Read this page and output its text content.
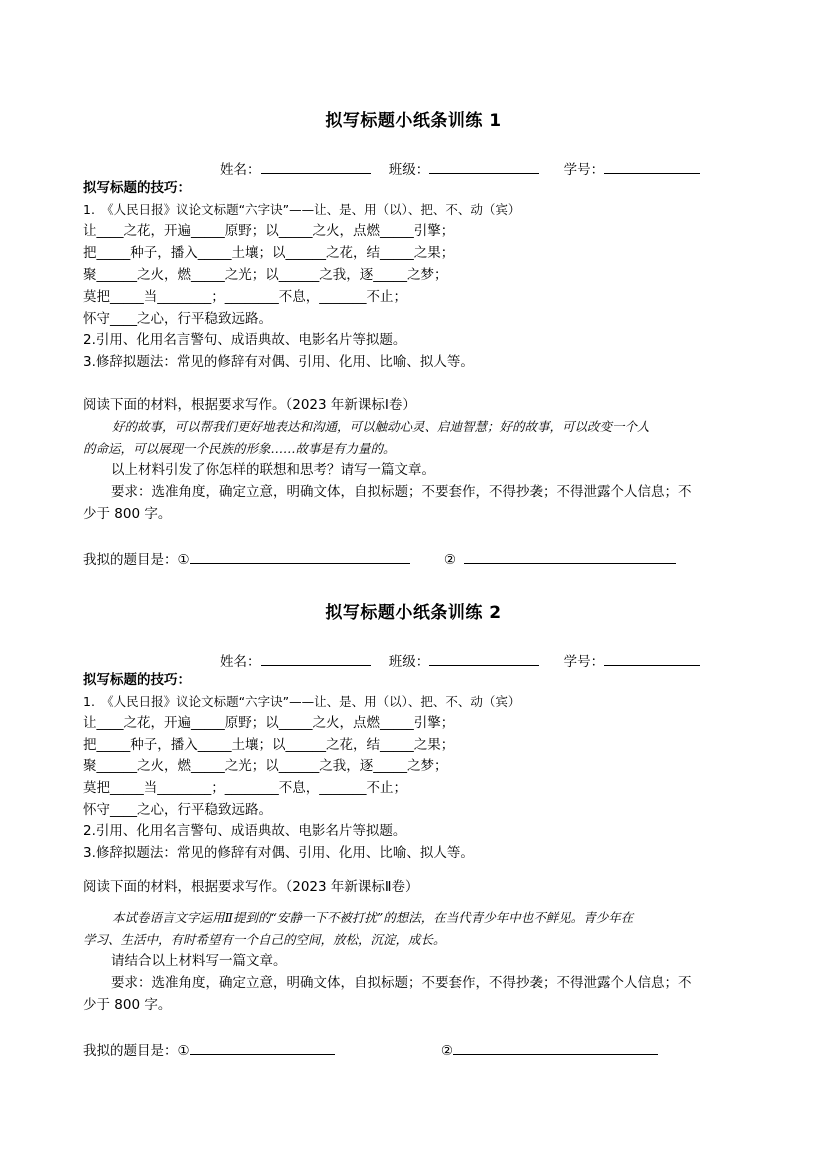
拟写标题小纸条训练 1
姓名：	班级：	学号：
拟写标题的技巧：
1.　《人民日报》议论文标题“六字诀”——让、是、用（以）、把、不、动（宾）
让____之花，开遍_____原野；以_____之火，点燃_____引擎；
把_____种子，播入_____土壤；以______之花，结_____之果；
聚______之火，燃_____之光；以______之我，逐_____之梦；
莫把_____当________；________不息，_______不止；
怀守____之心，行平稳致远路。
2.引用、化用名言警句、成语典故、电影名片等拟题。
3.修辞拟题法：常见的修辞有对偶、引用、化用、比喻、拟人等。
阅读下面的材料，根据要求写作。（2023 年新课标Ⅰ卷）
好的故事，可以帮我们更好地表达和沟通，可以触动心灵、启迪智慧；好的故事，可以改变一个人
的命运，可以展现一个民族的形象……故事是有力量的。
以上材料引发了你怎样的联想和思考？请写一篇文章。
要求：选准角度，确定立意，明确文体，自拟标题；不要套作，不得抄袭；不得泄露个人信息；不
少于 800 字。
我拟的题目是：①	②
拟写标题小纸条训练 2
姓名：	班级：	学号：
拟写标题的技巧：
1.　《人民日报》议论文标题“六字诀”——让、是、用（以）、把、不、动（宾）
让____之花，开遍_____原野；以_____之火，点燃_____引擎；
把_____种子，播入_____土壤；以______之花，结_____之果；
聚______之火，燃_____之光；以______之我，逐_____之梦；
莫把_____当________；________不息，_______不止；
怀守____之心，行平稳致远路。
2.引用、化用名言警句、成语典故、电影名片等拟题。
3.修辞拟题法：常见的修辞有对偶、引用、化用、比喻、拟人等。
阅读下面的材料，根据要求写作。（2023 年新课标Ⅱ卷）
本试卷语言文字运用Ⅱ提到的“安静一下不被打扰”的想法，在当代青少年中也不鲜见。青少年在
学习、生活中，有时希望有一个自己的空间，放松，沉淀，成长。
请结合以上材料写一篇文章。
要求：选准角度，确定立意，明确文体，自拟标题；不要套作，不得抄袭；不得泄露个人信息；不
少于 800 字。
我拟的题目是：①	②
